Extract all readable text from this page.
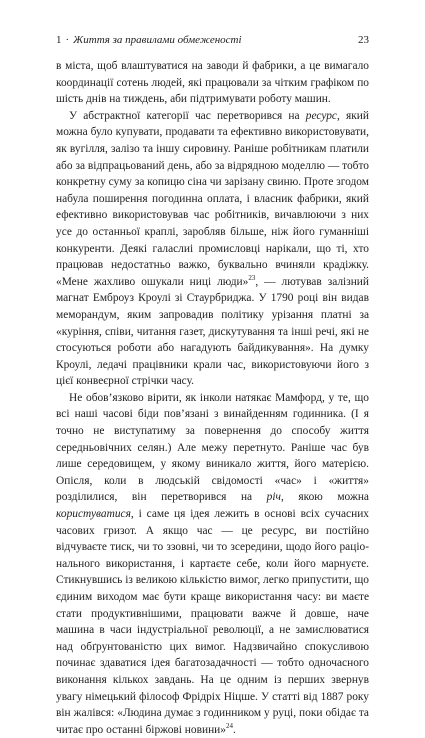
1 · Життя за правилами обмеженості	23

в містa, щоб влаштуватися на заводи й фабрики, а це вимагало координації сотень людей, які працювали за чітким графіком по шість днів на тиждень, аби підтримувати роботу машин.

У абстрактної категорії час перетворився на ресурс, який можна було купувати, продавати та ефективно використовувати, як вугілля, залізо та іншу сировину. Раніше робітникам платили або за відпрацьований день, або за відрядною моделлю — тобто конкретну суму за копицю сіна чи зарізану свиню. Проте згодом набула поширення погодинна оплата, і власник фабрики, який ефективно використовував час робітників, вичавлюючи з них усе до останньої краплі, заробляв більше, ніж його гуманніші конкуренти. Деякі галаслиі промисловці нарікали, що ті, хто працював недостатньо важко, буквально вчиняли крадіжку. «Мене жахливо ошукали ниці люди»$^{23}$, — лютував залізний магнат Емброуз Кроулі зі Стаурбриджа. У 1790 році він видав меморандум, яким запровадив політику урізання платні за «куріння, співи, читання газет, дискутування та інші речі, які не стосуються роботи або нагадують байдикування». На думку Кроулі, ледачі працівники крали час, використовуючи його з цієї конвеєрної стрічки часу.

Не обов’язково вірити, як інколи натякає Мамфорд, у те, що всі наші часові біди пов’язані з винайденням годинника. (І я точно не виступатиму за повернення до способу життя середньовічних селян.) Але межу перетнуто. Раніше час був лише середовищем, у якому виникало життя, його матерією. Опісля, коли в людській свідомості «час» і «життя» розділилися, він перетворився на річ, якою можна користуватися, і саме ця ідея лежить в основі всіх сучасних часових гризот. А якщо час — це ресурс, ви постійно відчуваєте тиск, чи то ззовні, чи то зсередини, щодо його раціонального використання, і картаєте себе, коли його марнуєте. Стикнувшись із великою кількістю вимог, легко припустити, що єдиним виходом має бути краще використання часу: ви маєте стати продуктивнішими, працювати важче й довше, наче машина в часи індустріальної революції, а не замислюватися над обґрунтованістю цих вимог. Надзвичайно спокусливою починає здаватися ідея багатозадачності — тобто одночасного виконання кількох завдань. На це одним із перших звернув увагу німецький філософ Фрідріх Ніцше. У статті від 1887 року він жалівся: «Людина думає з годинником у руці, поки обідає та читає про останні біржові новини»$^{24}$.
